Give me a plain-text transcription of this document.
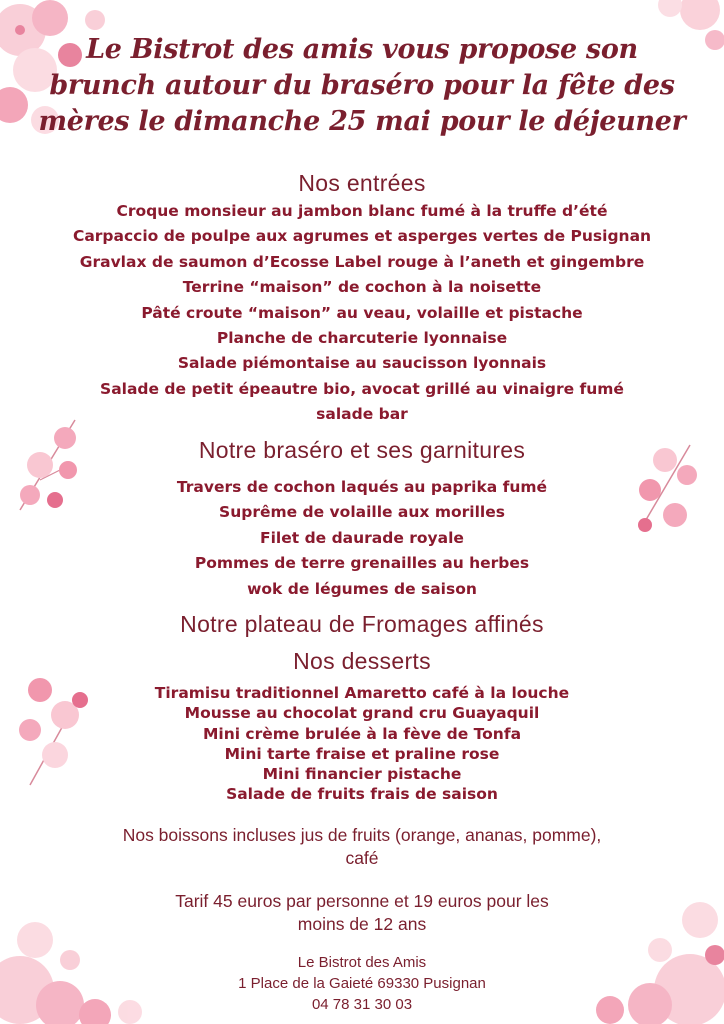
Le Bistrot des amis vous propose son
brunch autour du braséro pour la fête des
mères le dimanche 25 mai pour le déjeuner
Nos entrées
Croque monsieur au jambon blanc fumé à la truffe d’été
Carpaccio de poulpe aux agrumes et asperges vertes de Pusignan
Gravlax de saumon d’Ecosse Label rouge à l’aneth et gingembre
Terrine “maison” de cochon à la noisette
Pâté croute “maison” au veau, volaille et pistache
Planche de charcuterie lyonnaise
Salade piémontaise au saucisson lyonnais
Salade de petit épeautre bio, avocat grillé au vinaigre fumé
salade bar
Notre braséro et ses garnitures
Travers de cochon laqués au paprika fumé
Suprême de volaille aux morilles
Filet de daurade royale
Pommes de terre grenailles au herbes
wok de légumes de saison
Notre plateau de Fromages affinés
Nos desserts
Tiramisu traditionnel Amaretto café à la louche
Mousse au chocolat grand cru Guayaquil
Mini crème brulée à la fève de Tonfa
Mini tarte fraise et praline rose
Mini financier pistache
Salade de fruits frais de saison
Nos boissons incluses jus de fruits (orange, ananas, pomme),
café
Tarif 45 euros par personne et 19 euros pour les
moins de 12 ans
Le Bistrot des Amis
1 Place de la Gaieté 69330 Pusignan
04 78 31 30 03
